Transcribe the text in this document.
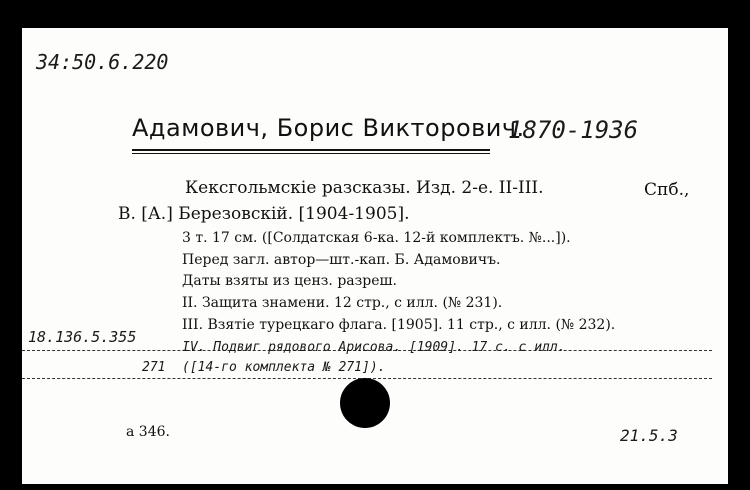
34:50.6.220
Адамович, Борис Викторович.
1870-1936
Кексгольмскіе разсказы. Изд. 2-е. II-III.	Спб.,
В. [А.] Березовскій. [1904-1905].
3 т. 17 см. ([Солдатская 6-ка. 12-й комплектъ. №...]).
Перед загл. автор—шт.-кап. Б. Адамовичъ.
Даты взяты из ценз. разреш.
II. Защита знамени. 12 стр., с илл. (№ 231).
III. Взятіе турецкаго флага. [1905]. 11 стр., с илл. (№ 232).
18.136.5.355
IV. Подвиг рядового Арисова. [1909]. 17 с. с илл.
271 ([14-го комплекта № 271]).
а 346.	21.5.3
